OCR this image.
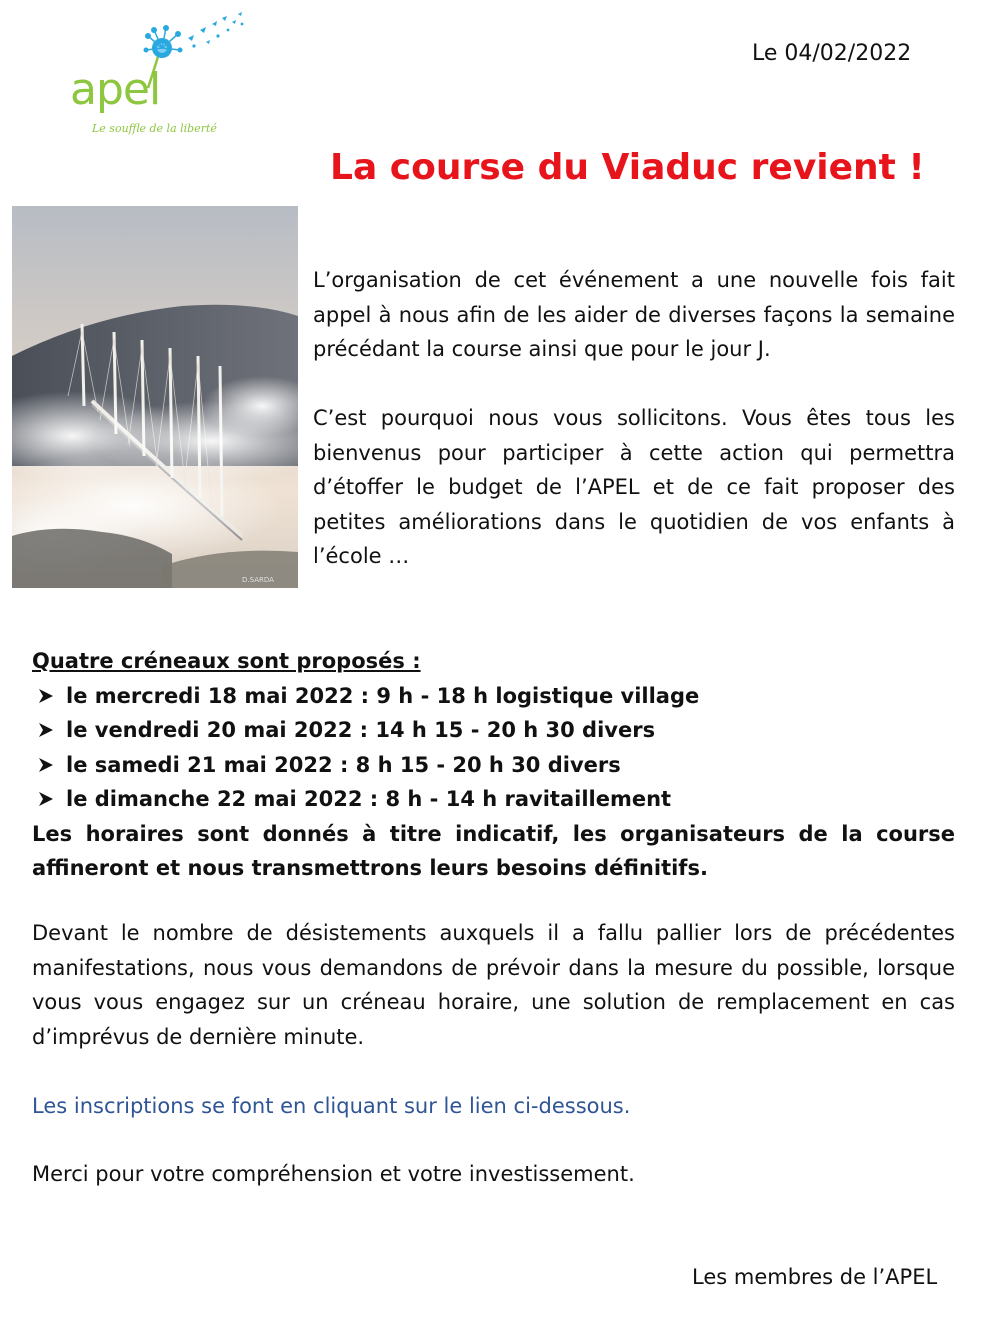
apel
Le souffle de la liberté
Le 04/02/2022
La course du Viaduc revient !
D.SARDA

L’organisation de cet événement a une nouvelle fois fait appel à nous afin de les aider de diverses façons la semaine précédant la course ainsi que pour le jour J.

C’est pourquoi nous vous sollicitons. Vous êtes tous les bienvenus pour participer à cette action qui permettra d’étoffer le budget de l’APEL et de ce fait proposer des petites améliorations dans le quotidien de vos enfants à l’école …

Quatre créneaux sont proposés :
le mercredi 18 mai 2022 : 9 h - 18 h logistique village
le vendredi 20 mai 2022 : 14 h 15 - 20 h 30 divers
le samedi 21 mai 2022 : 8 h 15 - 20 h 30 divers
le dimanche 22 mai 2022 : 8 h - 14 h ravitaillement
Les horaires sont donnés à titre indicatif, les organisateurs de la course affineront et nous transmettrons leurs besoins définitifs.
Devant le nombre de désistements auxquels il a fallu pallier lors de précédentes manifestations, nous vous demandons de prévoir dans la mesure du possible, lorsque vous vous engagez sur un créneau horaire, une solution de remplacement en cas d’imprévus de dernière minute.
Les inscriptions se font en cliquant sur le lien ci-dessous.
Merci pour votre compréhension et votre investissement.
Les membres de l’APEL
